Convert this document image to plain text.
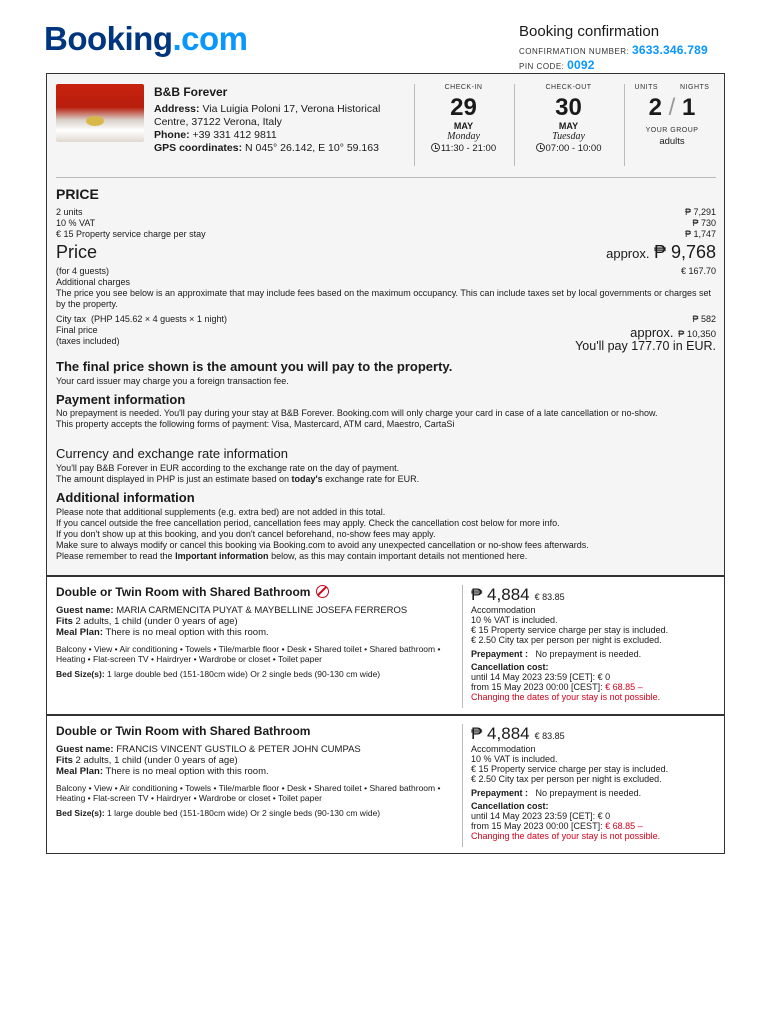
Booking.com	Booking confirmation
CONFIRMATION NUMBER: 3633.346.789
PIN CODE: 0092
B&B Forever
Address: Via Luigia Poloni 17, Verona Historical Centre, 37122 Verona, Italy
Phone: +39 331 412 9811
GPS coordinates: N 045° 26.142, E 10° 59.163
CHECK-IN
29
MAY
Monday
11:30 - 21:00
CHECK-OUT
30
MAY
Tuesday
07:00 - 10:00
UNITS	NIGHTS
2 / 1
YOUR GROUP
adults
PRICE
2 units	₱ 7,291
10 % VAT	₱ 730
€ 15 Property service charge per stay	₱ 1,747
Price	approx. ₱ 9,768
(for 4 guests)	€ 167.70
Additional charges
The price you see below is an approximate that may include fees based on the maximum occupancy. This can include taxes set by local governments or charges set by the property.
City tax (PHP 145.62 × 4 guests × 1 night)	₱ 582
Final price
(taxes included)
approx. ₱ 10,350
You'll pay 177.70 in EUR.
The final price shown is the amount you will pay to the property.
Your card issuer may charge you a foreign transaction fee.
Payment information
No prepayment is needed. You'll pay during your stay at B&B Forever. Booking.com will only charge your card in case of a late cancellation or no-show.
This property accepts the following forms of payment: Visa, Mastercard, ATM card, Maestro, CartaSi
Currency and exchange rate information
You'll pay B&B Forever in EUR according to the exchange rate on the day of payment.
The amount displayed in PHP is just an estimate based on today's exchange rate for EUR.
Additional information
Please note that additional supplements (e.g. extra bed) are not added in this total.
If you cancel outside the free cancellation period, cancellation fees may apply. Check the cancellation cost below for more info.
If you don't show up at this booking, and you don't cancel beforehand, no-show fees may apply.
Make sure to always modify or cancel this booking via Booking.com to avoid any unexpected cancellation or no-show fees afterwards.
Please remember to read the Important information below, as this may contain important details not mentioned here.
Double or Twin Room with Shared Bathroom
Guest name: MARIA CARMENCITA PUYAT & MAYBELLINE JOSEFA FERREROS
Fits 2 adults, 1 child (under 0 years of age)
Meal Plan: There is no meal option with this room.
Balcony • View • Air conditioning • Towels • Tile/marble floor • Desk • Shared toilet • Shared bathroom • Heating • Flat-screen TV • Hairdryer • Wardrobe or closet • Toilet paper
Bed Size(s): 1 large double bed (151-180cm wide) Or 2 single beds (90-130 cm wide)
₱ 4,884 € 83.85
Accommodation
10 % VAT is included.
€ 15 Property service charge per stay is included.
€ 2.50 City tax per person per night is excluded.
Prepayment : No prepayment is needed.
Cancellation cost:
until 14 May 2023 23:59 [CET]: € 0
from 15 May 2023 00:00 [CEST]: € 68.85 –
Changing the dates of your stay is not possible.
Double or Twin Room with Shared Bathroom
Guest name: FRANCIS VINCENT GUSTILO & PETER JOHN CUMPAS
Fits 2 adults, 1 child (under 0 years of age)
Meal Plan: There is no meal option with this room.
Balcony • View • Air conditioning • Towels • Tile/marble floor • Desk • Shared toilet • Shared bathroom • Heating • Flat-screen TV • Hairdryer • Wardrobe or closet • Toilet paper
Bed Size(s): 1 large double bed (151-180cm wide) Or 2 single beds (90-130 cm wide)
₱ 4,884 € 83.85
Accommodation
10 % VAT is included.
€ 15 Property service charge per stay is included.
€ 2.50 City tax per person per night is excluded.
Prepayment : No prepayment is needed.
Cancellation cost:
until 14 May 2023 23:59 [CET]: € 0
from 15 May 2023 00:00 [CEST]: € 68.85 –
Changing the dates of your stay is not possible.
